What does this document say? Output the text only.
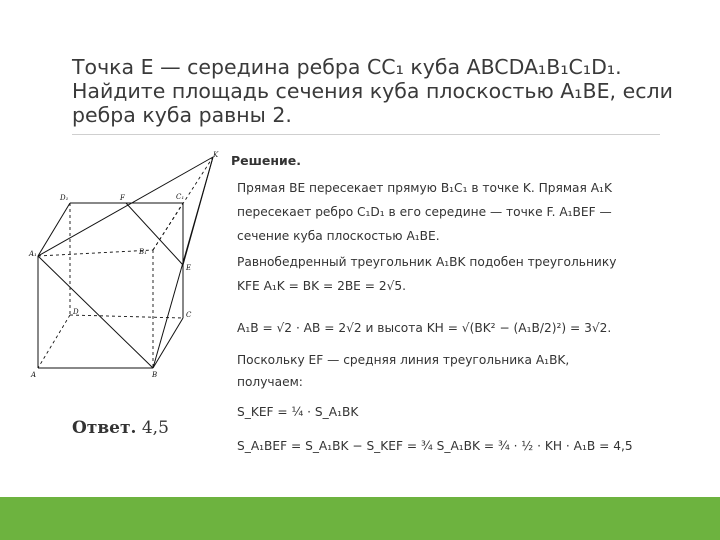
Точка E — середина ребра CC₁ куба ABCDA₁B₁C₁D₁.
Найдите площадь сечения куба плоскостью A₁BE, если
ребра куба равны 2.
D₁	F	C₁
A₁	B₁
E
D	C
A	B
K
Ответ. 4,5
Решение.
Прямая BE пересекает прямую B₁C₁ в точке K. Прямая A₁K
пересекает ребро C₁D₁ в его середине — точке F. A₁BEF —
сечение куба плоскостью A₁BE.
Равнобедренный треугольник A₁BK подобен треугольнику
KFE A₁K = BK = 2BE = 2√5.
A₁B = √2 · AB = 2√2 и высота KH = √(BK² − (A₁B/2)²) = 3√2.
Поскольку EF — средняя линия треугольника A₁BK,
получаем:
S_KEF = ¼ · S_A₁BK
S_A₁BEF = S_A₁BK − S_KEF = ¾ S_A₁BK = ¾ · ½ · KH · A₁B = 4,5
